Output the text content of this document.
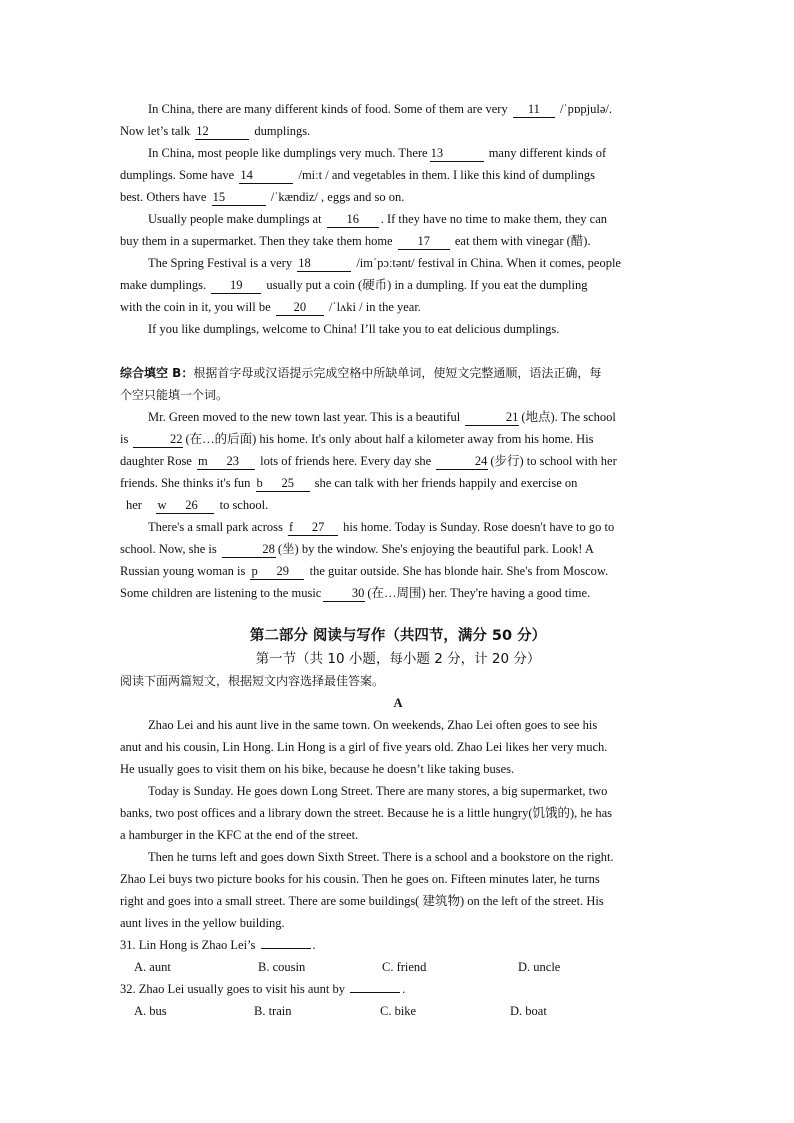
In China, there are many different kinds of food. Some of them are very 11 /ˈpɒpjulə/.
Now let’s talk 12	dumplings.
In China, most people like dumplings very much. There 13	many different kinds of
dumplings. Some have 14	/miːt / and vegetables in them. I like this kind of dumplings
best. Others have 15	/ˈkændiz/ , eggs and so on.
Usually people make dumplings at 16 . If they have no time to make them, they can
buy them in a supermarket. Then they take them home 17 eat them with vinegar (醋).
The Spring Festival is a very 18	/imˈpɔːtənt/ festival in China. When it comes, people
make dumplings. 19 usually put a coin (硬币) in a dumpling. If you eat the dumpling
with the coin in it, you will be 20 /ˈlʌki / in the year.
If you like dumplings, welcome to China! I’ll take you to eat delicious dumplings.
综合填空 B：根据首字母或汉语提示完成空格中所缺单词，使短文完整通顺，语法正确，每
个空只能填一个词。
Mr. Green moved to the new town last year. This is a beautiful	21 (地点). The school
is	22 (在…的后面) his home. It's only about half a kilometer away from his home. His
daughter Rose m      23 lots of friends here. Every day she	24 (步行) to school with her
friends. She thinks it's fun b      25 she can talk with her friends happily and exercise on
her w      26 to school.
There's a small park across f      27 his home. Today is Sunday. Rose doesn't have to go to
school. Now, she is	28 (坐) by the window. She's enjoying the beautiful park. Look! A
Russian young woman is p      29 the guitar outside. She has blonde hair. She's from Moscow.
Some children are listening to the music 30 (在…周围) her. They're having a good time.
第二部分 阅读与写作（共四节，满分 50 分）
第一节（共 10 小题，每小题 2 分，计 20 分）
阅读下面两篇短文，根据短文内容选择最佳答案。
A
Zhao Lei and his aunt live in the same town. On weekends, Zhao Lei often goes to see his
anut and his cousin, Lin Hong. Lin Hong is a girl of five years old. Zhao Lei likes her very much.
He usually goes to visit them on his bike, because he doesn’t like taking buses.
Today is Sunday. He goes down Long Street. There are many stores, a big supermarket, two
banks, two post offices and a library down the street. Because he is a little hungry(饥饿的), he has
a hamburger in the KFC at the end of the street.
Then he turns left and goes down Sixth Street. There is a school and a bookstore on the right.
Zhao Lei buys two picture books for his cousin. Then he goes on. Fifteen minutes later, he turns
right and goes into a small street. There are some buildings( 建筑物) on the left of the street. His
aunt lives in the yellow building.
31. Lin Hong is Zhao Lei’s	.
A. aunt	B. cousin	C. friend	D. uncle
32. Zhao Lei usually goes to visit his aunt by	.
A. bus	B. train	C. bike	D. boat
